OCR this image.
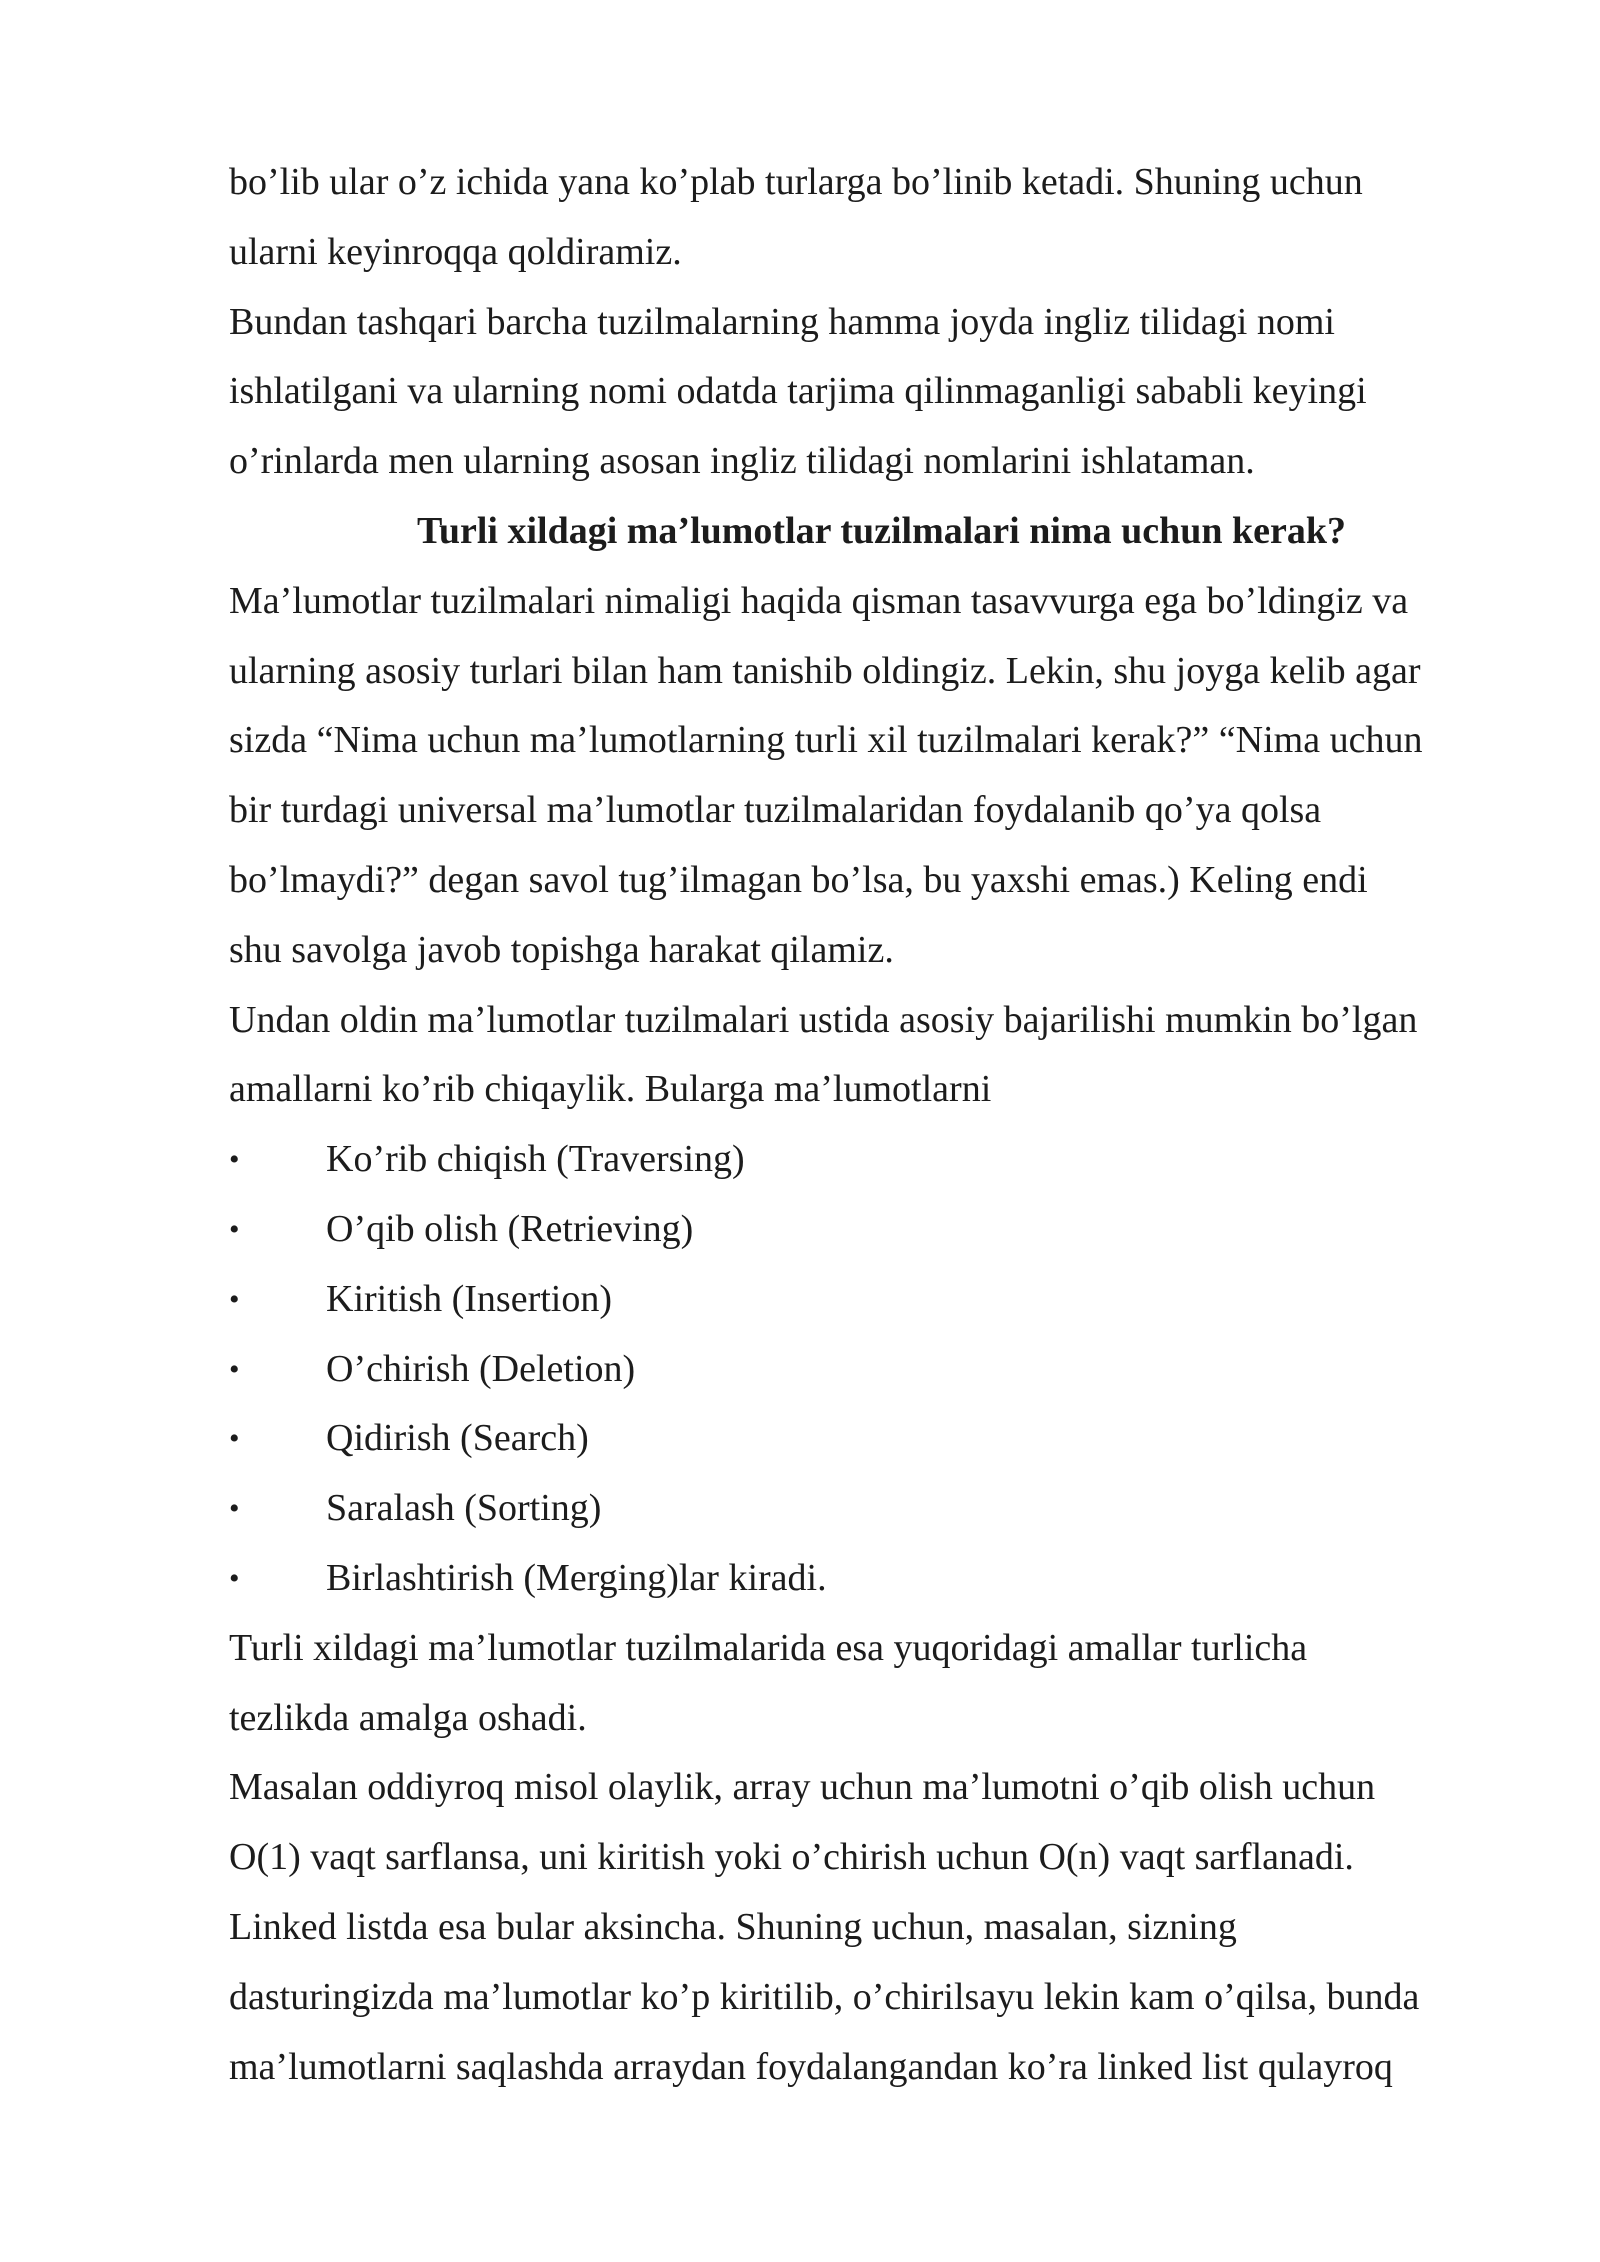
bo’lib ular o’z ichida yana ko’plab turlarga bo’linib ketadi. Shuning uchun
ularni keyinroqqa qoldiramiz.
Bundan tashqari barcha tuzilmalarning hamma joyda ingliz tilidagi nomi
ishlatilgani va ularning nomi odatda tarjima qilinmaganligi sababli keyingi
o’rinlarda men ularning asosan ingliz tilidagi nomlarini ishlataman.
Turli xildagi ma’lumotlar tuzilmalari nima uchun kerak?
Ma’lumotlar tuzilmalari nimaligi haqida qisman tasavvurga ega bo’ldingiz va
ularning asosiy turlari bilan ham tanishib oldingiz. Lekin, shu joyga kelib agar
sizda “Nima uchun ma’lumotlarning turli xil tuzilmalari kerak?” “Nima uchun
bir turdagi universal ma’lumotlar tuzilmalaridan foydalanib qo’ya qolsa
bo’lmaydi?” degan savol tug’ilmagan bo’lsa, bu yaxshi emas.) Keling endi
shu savolga javob topishga harakat qilamiz.
Undan oldin ma’lumotlar tuzilmalari ustida asosiy bajarilishi mumkin bo’lgan
amallarni ko’rib chiqaylik. Bularga ma’lumotlarni
• Ko’rib chiqish (Traversing)
• O’qib olish (Retrieving)
• Kiritish (Insertion)
• O’chirish (Deletion)
• Qidirish (Search)
• Saralash (Sorting)
• Birlashtirish (Merging)lar kiradi.
Turli xildagi ma’lumotlar tuzilmalarida esa yuqoridagi amallar turlicha
tezlikda amalga oshadi.
Masalan oddiyroq misol olaylik, array uchun ma’lumotni o’qib olish uchun
O(1) vaqt sarflansa, uni kiritish yoki o’chirish uchun O(n) vaqt sarflanadi.
Linked listda esa bular aksincha. Shuning uchun, masalan, sizning
dasturingizda ma’lumotlar ko’p kiritilib, o’chirilsayu lekin kam o’qilsa, bunda
ma’lumotlarni saqlashda arraydan foydalangandan ko’ra linked list qulayroq
